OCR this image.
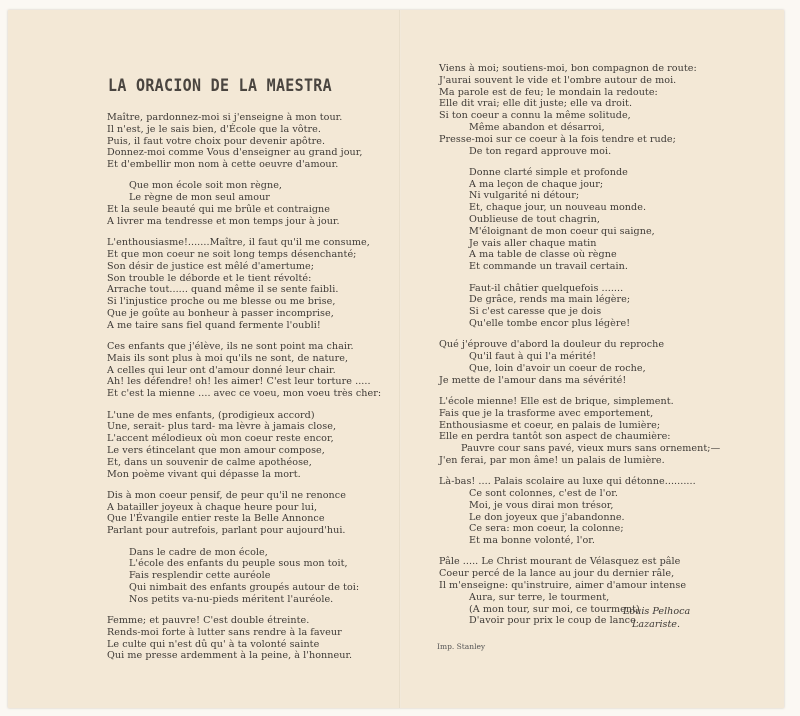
LA ORACION DE LA MAESTRA
Maître, pardonnez-moi si j'enseigne à mon tour.
Il n'est, je le sais bien, d'École que la vôtre.
Puis, il faut votre choix pour devenir apôtre.
Donnez-moi comme Vous d'enseigner au grand jour,
Et d'embellir mon nom à cette oeuvre d'amour.
Que mon école soit mon règne,
Le règne de mon seul amour
Et la seule beauté qui me brûle et contraigne
A livrer ma tendresse et mon temps jour à jour.
L'enthousiasme!.......Maître, il faut qu'il me consume,
Et que mon coeur ne soit long temps désenchanté;
Son désir de justice est mêlé d'amertume;
Son trouble le déborde et le tient révolté:
Arrache tout...... quand même il se sente faibli.
Si l'injustice proche ou me blesse ou me brise,
Que je goûte au bonheur à passer incomprise,
A me taire sans fiel quand fermente l'oubli!
Ces enfants que j'élève, ils ne sont point ma chair.
Mais ils sont plus à moi qu'ils ne sont, de nature,
A celles qui leur ont d'amour donné leur chair.
Ah! les défendre! oh! les aimer! C'est leur torture .....
Et c'est la mienne .... avec ce voeu, mon voeu très cher:
L'une de mes enfants, (prodigieux accord)
Une, serait- plus tard- ma lèvre à jamais close,
L'accent mélodieux où mon coeur reste encor,
Le vers étincelant que mon amour compose,
Et, dans un souvenir de calme apothéose,
Mon poème vivant qui dépasse la mort.
Dis à mon coeur pensif, de peur qu'il ne renonce
A batailler joyeux à chaque heure pour lui,
Que l'Évangile entier reste la Belle Annonce
Parlant pour autrefois, parlant pour aujourd'hui.
Dans le cadre de mon école,
L'école des enfants du peuple sous mon toit,
Fais resplendir cette auréole
Qui nimbait des enfants groupés autour de toi:
Nos petits va-nu-pieds méritent l'auréole.
Femme; et pauvre! C'est double étreinte.
Rends-moi forte à lutter sans rendre à la faveur
Le culte qui n'est dû qu' à ta volonté sainte
Qui me presse ardemment à la peine, à l'honneur.
Viens à moi; soutiens-moi, bon compagnon de route:
J'aurai souvent le vide et l'ombre autour de moi.
Ma parole est de feu; le mondain la redoute:
Elle dit vrai; elle dit juste; elle va droit.
Si ton coeur a connu la même solitude,
Même abandon et désarroi,
Presse-moi sur ce coeur à la fois tendre et rude;
De ton regard approuve moi.
Donne clarté simple et profonde
A ma leçon de chaque jour;
Ni vulgarité ni détour;
Et, chaque jour, un nouveau monde.
Oublieuse de tout chagrin,
M'éloignant de mon coeur qui saigne,
Je vais aller chaque matin
A ma table de classe où règne
Et commande un travail certain.
Faut-il châtier quelquefois .......
De grâce, rends ma main légère;
Si c'est caresse que je dois
Qu'elle tombe encor plus légère!
Qué j'éprouve d'abord la douleur du reproche
Qu'il faut à qui l'a mérité!
Que, loin d'avoir un coeur de roche,
Je mette de l'amour dans ma sévérité!
L'école mienne! Elle est de brique, simplement.
Fais que je la trasforme avec emportement,
Enthousiasme et coeur, en palais de lumière;
Elle en perdra tantôt son aspect de chaumière:
Pauvre cour sans pavé, vieux murs sans ornement;—
J'en ferai, par mon âme! un palais de lumière.
Là-bas! .... Palais scolaire au luxe qui détonne..........
Ce sont colonnes, c'est de l'or.
Moi, je vous dirai mon trésor,
Le don joyeux que j'abandonne.
Ce sera: mon coeur, la colonne;
Et ma bonne volonté, l'or.
Pâle ..... Le Christ mourant de Vélasquez est pâle
Coeur percé de la lance au jour du dernier râle,
Il m'enseigne: qu'instruire, aimer d'amour intense
Aura, sur terre, le tourment,
(A mon tour, sur moi, ce tourment)
D'avoir pour prix le coup de lance.
Louis Pelhoca
Lazariste.
Imp. Stanley
